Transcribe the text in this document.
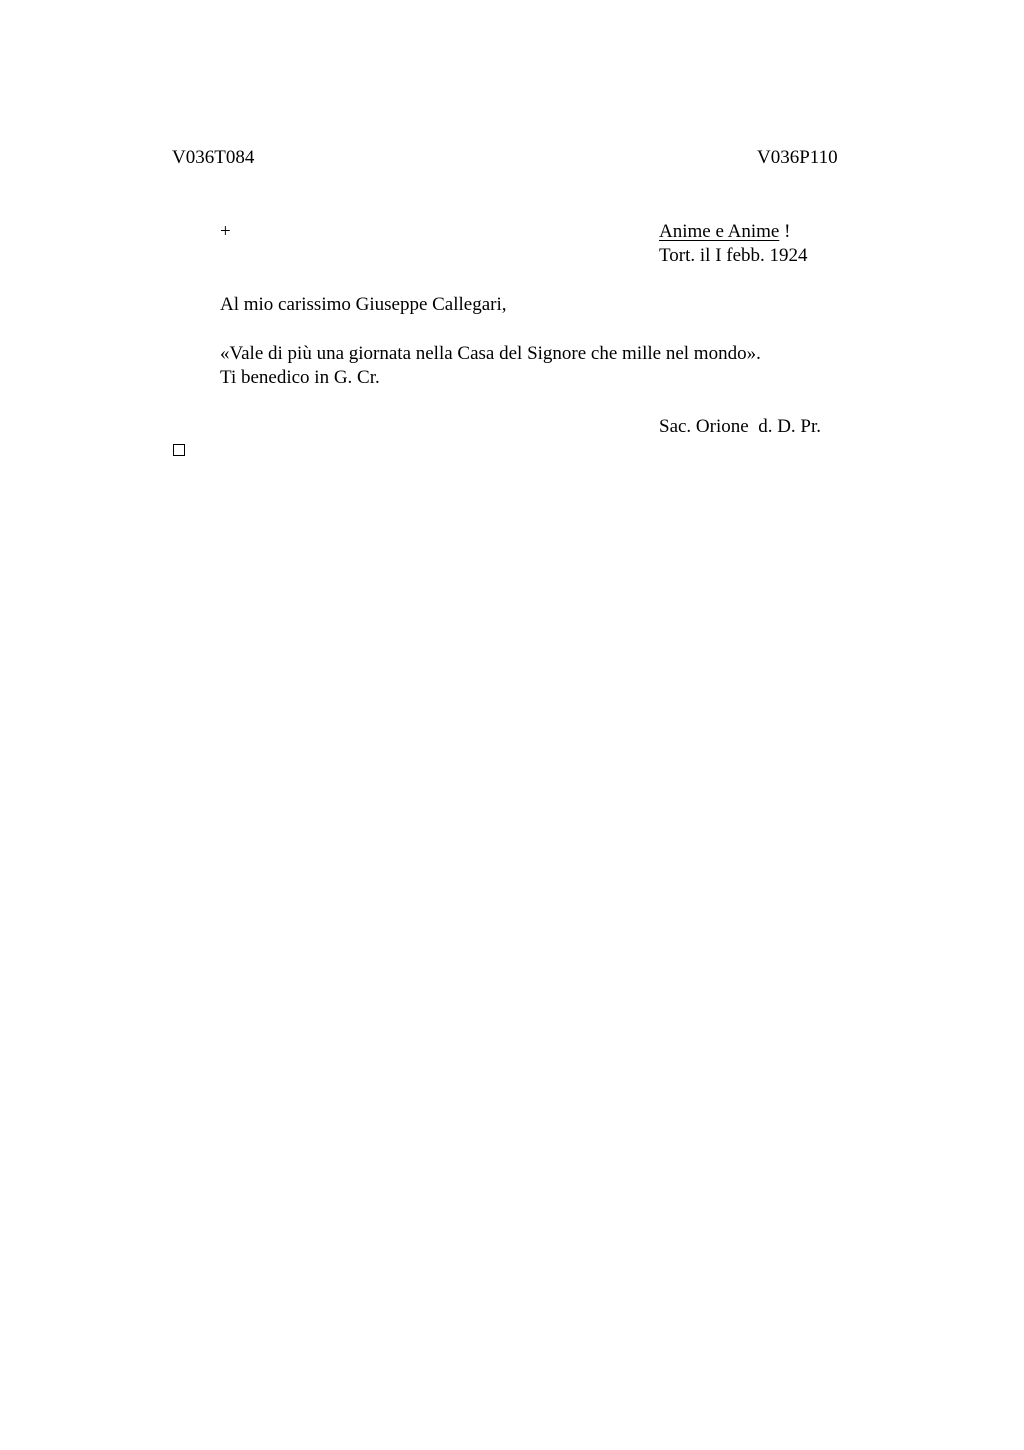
V036T084	V036P110
+	Anime e Anime !
Tort. il I febb. 1924
Al mio carissimo Giuseppe Callegari,
«Vale di più una giornata nella Casa del Signore che mille nel mondo».
Ti benedico in G. Cr.
Sac. Orione  d. D. Pr.
